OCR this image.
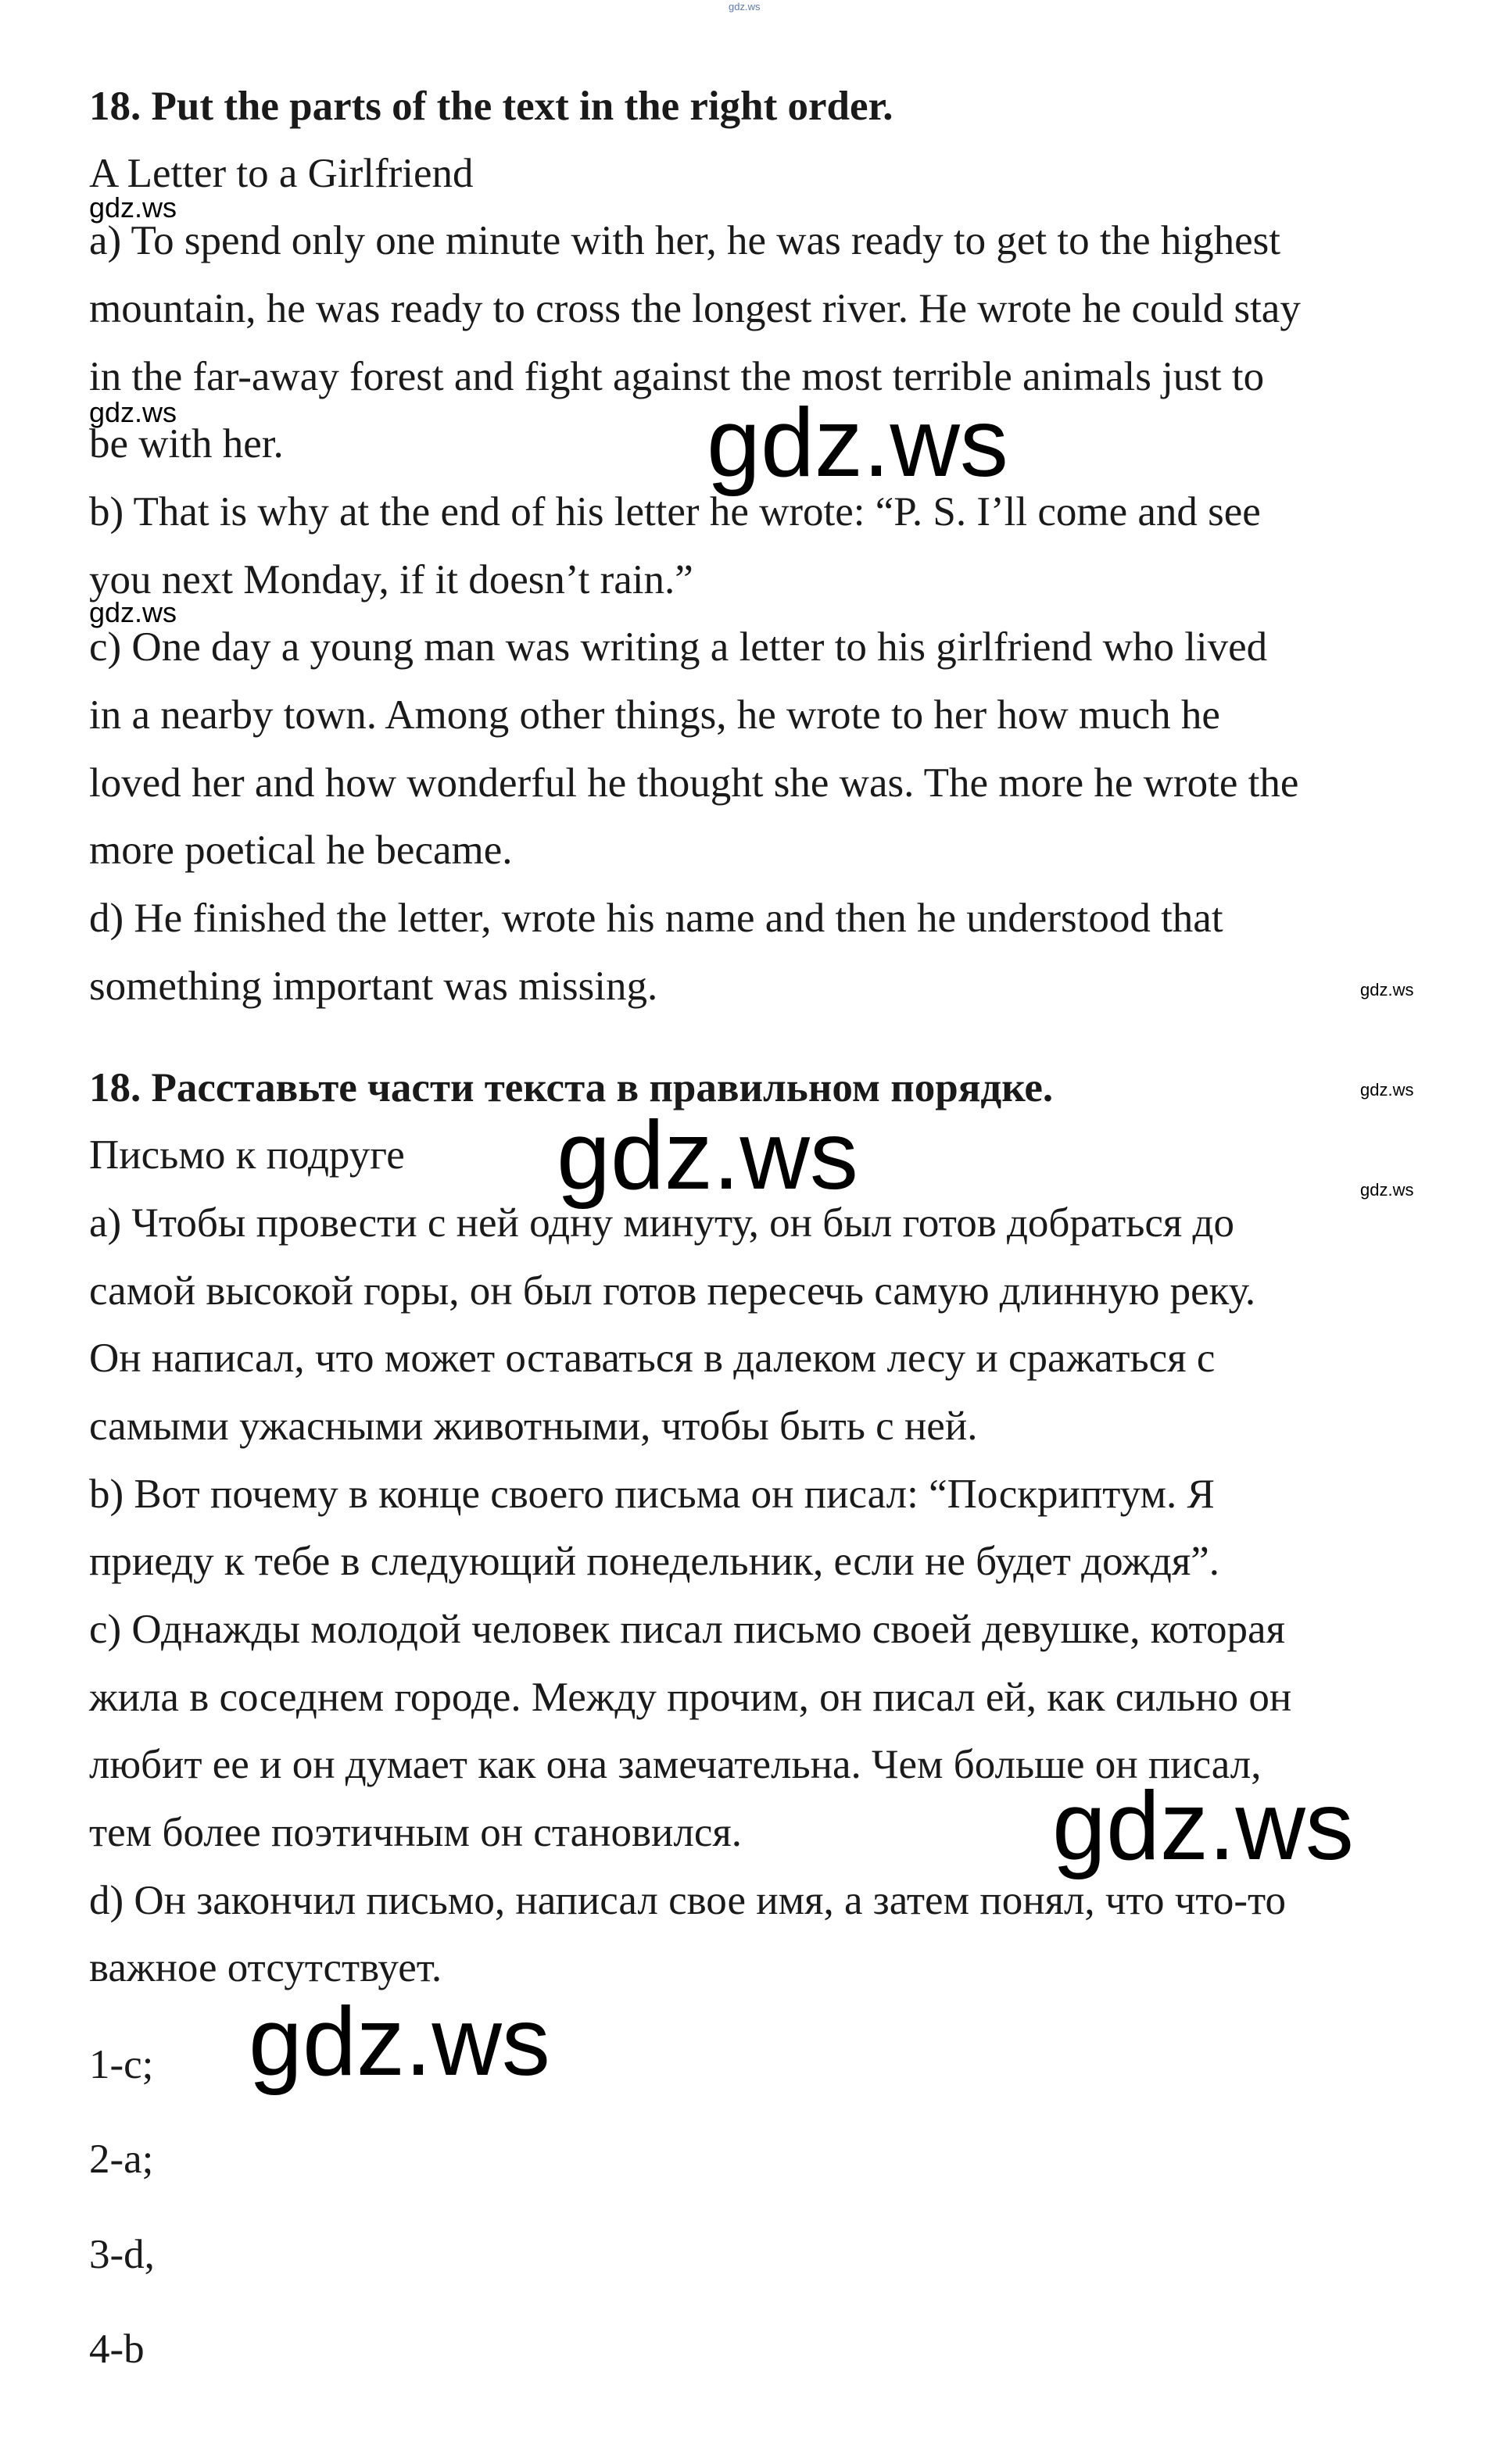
gdz.ws
18. Put the parts of the text in the right order.
A Letter to a Girlfriend
gdz.ws
a) To spend only one minute with her, he was ready to get to the highest
mountain, he was ready to cross the longest river. He wrote he could stay
in the far-away forest and fight against the most terrible animals just to
gdz.ws
be with her.	gdz.ws
b) That is why at the end of his letter he wrote: “P. S. I’ll come and see
you next Monday, if it doesn’t rain.”
gdz.ws
c) One day a young man was writing a letter to his girlfriend who lived
in a nearby town. Among other things, he wrote to her how much he
loved her and how wonderful he thought she was. The more he wrote the
more poetical he became.
d) He finished the letter, wrote his name and then he understood that
something important was missing.	gdz.ws
18. Расставьте части текста в правильном порядке.	gdz.ws
Письмо к подруге gdz.ws	gdz.ws
a) Чтобы провести с ней одну минуту, он был готов добраться до
самой высокой горы, он был готов пересечь самую длинную реку.
Он написал, что может оставаться в далеком лесу и сражаться с
самыми ужасными животными, чтобы быть с ней.
b) Вот почему в конце своего письма он писал: “Поскриптум. Я
приеду к тебе в следующий понедельник, если не будет дождя”.
c) Однажды молодой человек писал письмо своей девушке, которая
жила в соседнем городе. Между прочим, он писал ей, как сильно он
любит ее и он думает как она замечательна. Чем больше он писал,
тем более поэтичным он становился.	gdz.ws
d) Он закончил письмо, написал свое имя, а затем понял, что что-то
важное отсутствует.
gdz.ws
1-c;
2-a;
3-d,
4-b
